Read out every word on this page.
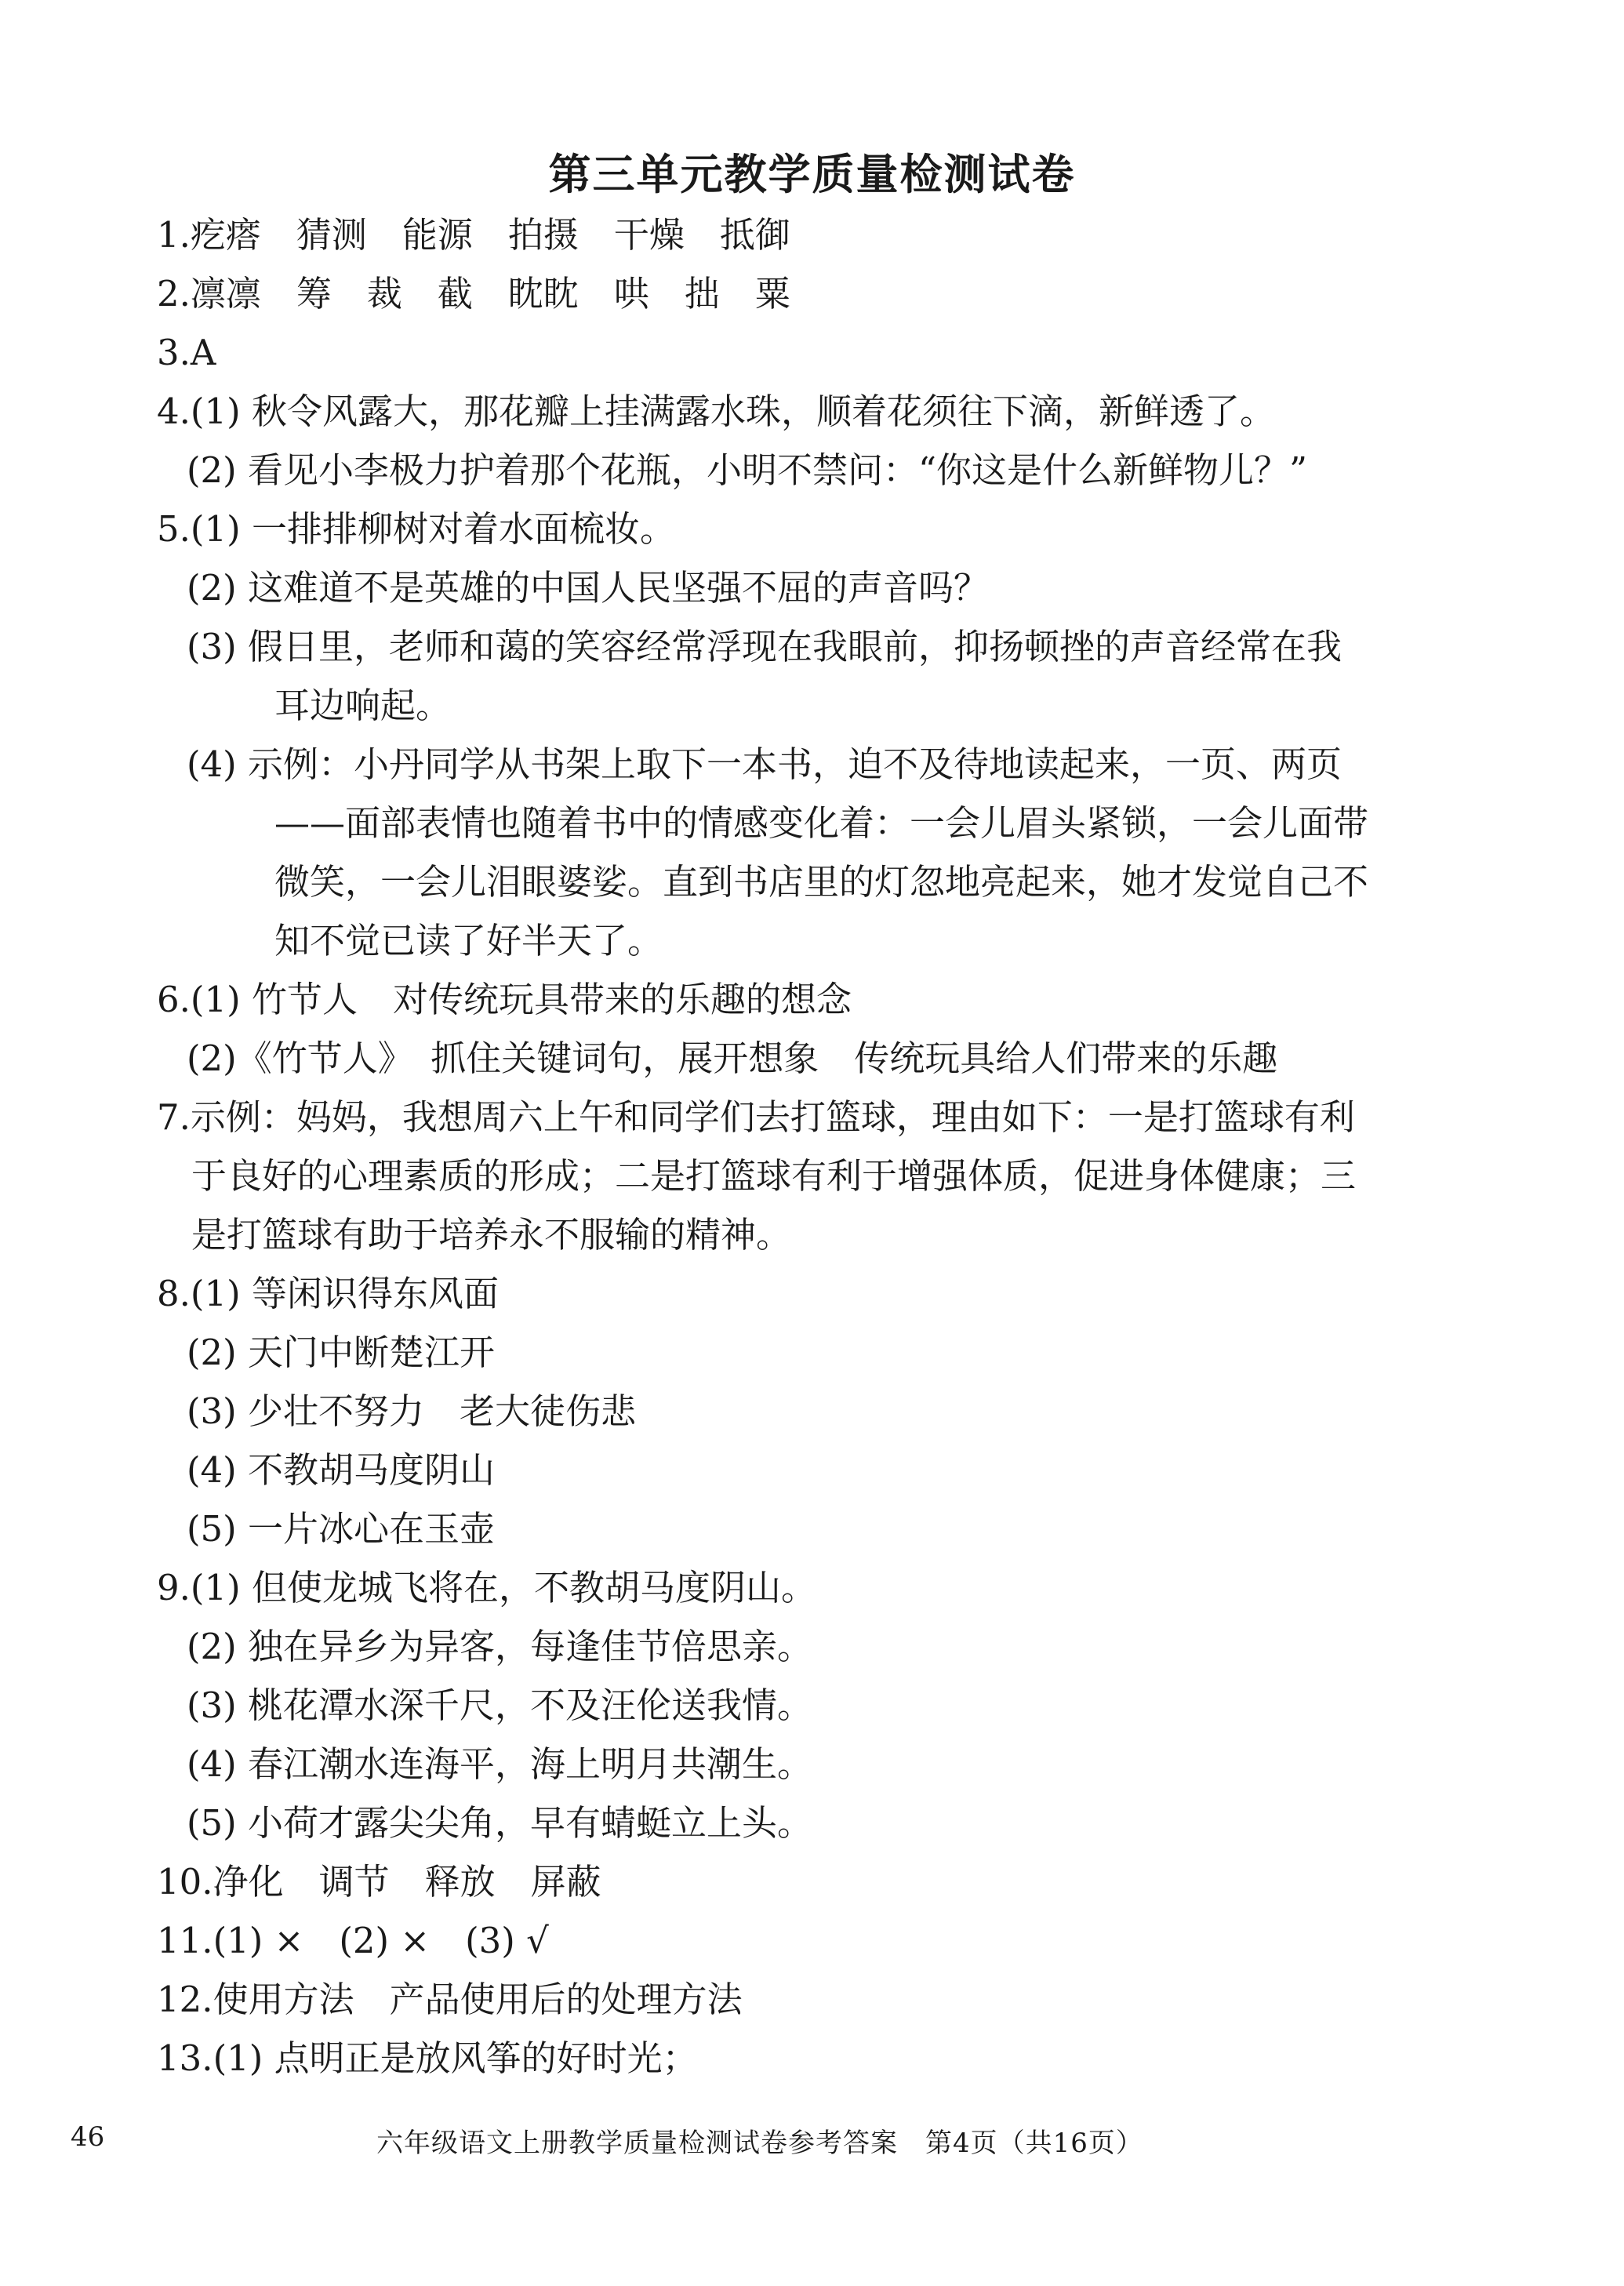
第三单元教学质量检测试卷
1.疙瘩　猜测　能源　拍摄　干燥　抵御
2.凛凛　筹　裁　截　眈眈　哄　拙　粟
3.A
4.(1) 秋令风露大，那花瓣上挂满露水珠，顺着花须往下滴，新鲜透了。
(2) 看见小李极力护着那个花瓶，小明不禁问：“你这是什么新鲜物儿？”
5.(1) 一排排柳树对着水面梳妆。
(2) 这难道不是英雄的中国人民坚强不屈的声音吗？
(3) 假日里，老师和蔼的笑容经常浮现在我眼前，抑扬顿挫的声音经常在我
耳边响起。
(4) 示例：小丹同学从书架上取下一本书，迫不及待地读起来，一页、两页
——面部表情也随着书中的情感变化着：一会儿眉头紧锁，一会儿面带
微笑，一会儿泪眼婆娑。直到书店里的灯忽地亮起来，她才发觉自己不
知不觉已读了好半天了。
6.(1) 竹节人　对传统玩具带来的乐趣的想念
(2)《竹节人》　抓住关键词句，展开想象　传统玩具给人们带来的乐趣
7.示例：妈妈，我想周六上午和同学们去打篮球，理由如下：一是打篮球有利
于良好的心理素质的形成；二是打篮球有利于增强体质，促进身体健康；三
是打篮球有助于培养永不服输的精神。
8.(1) 等闲识得东风面
(2) 天门中断楚江开
(3) 少壮不努力　老大徒伤悲
(4) 不教胡马度阴山
(5) 一片冰心在玉壶
9.(1) 但使龙城飞将在，不教胡马度阴山。
(2) 独在异乡为异客，每逢佳节倍思亲。
(3) 桃花潭水深千尺，不及汪伦送我情。
(4) 春江潮水连海平，海上明月共潮生。
(5) 小荷才露尖尖角，早有蜻蜓立上头。
10.净化　调节　释放　屏蔽
11.(1) ×　(2) ×　(3) √
12.使用方法　产品使用后的处理方法
13.(1) 点明正是放风筝的好时光；
46	六年级语文上册教学质量检测试卷参考答案　第4页（共16页）
